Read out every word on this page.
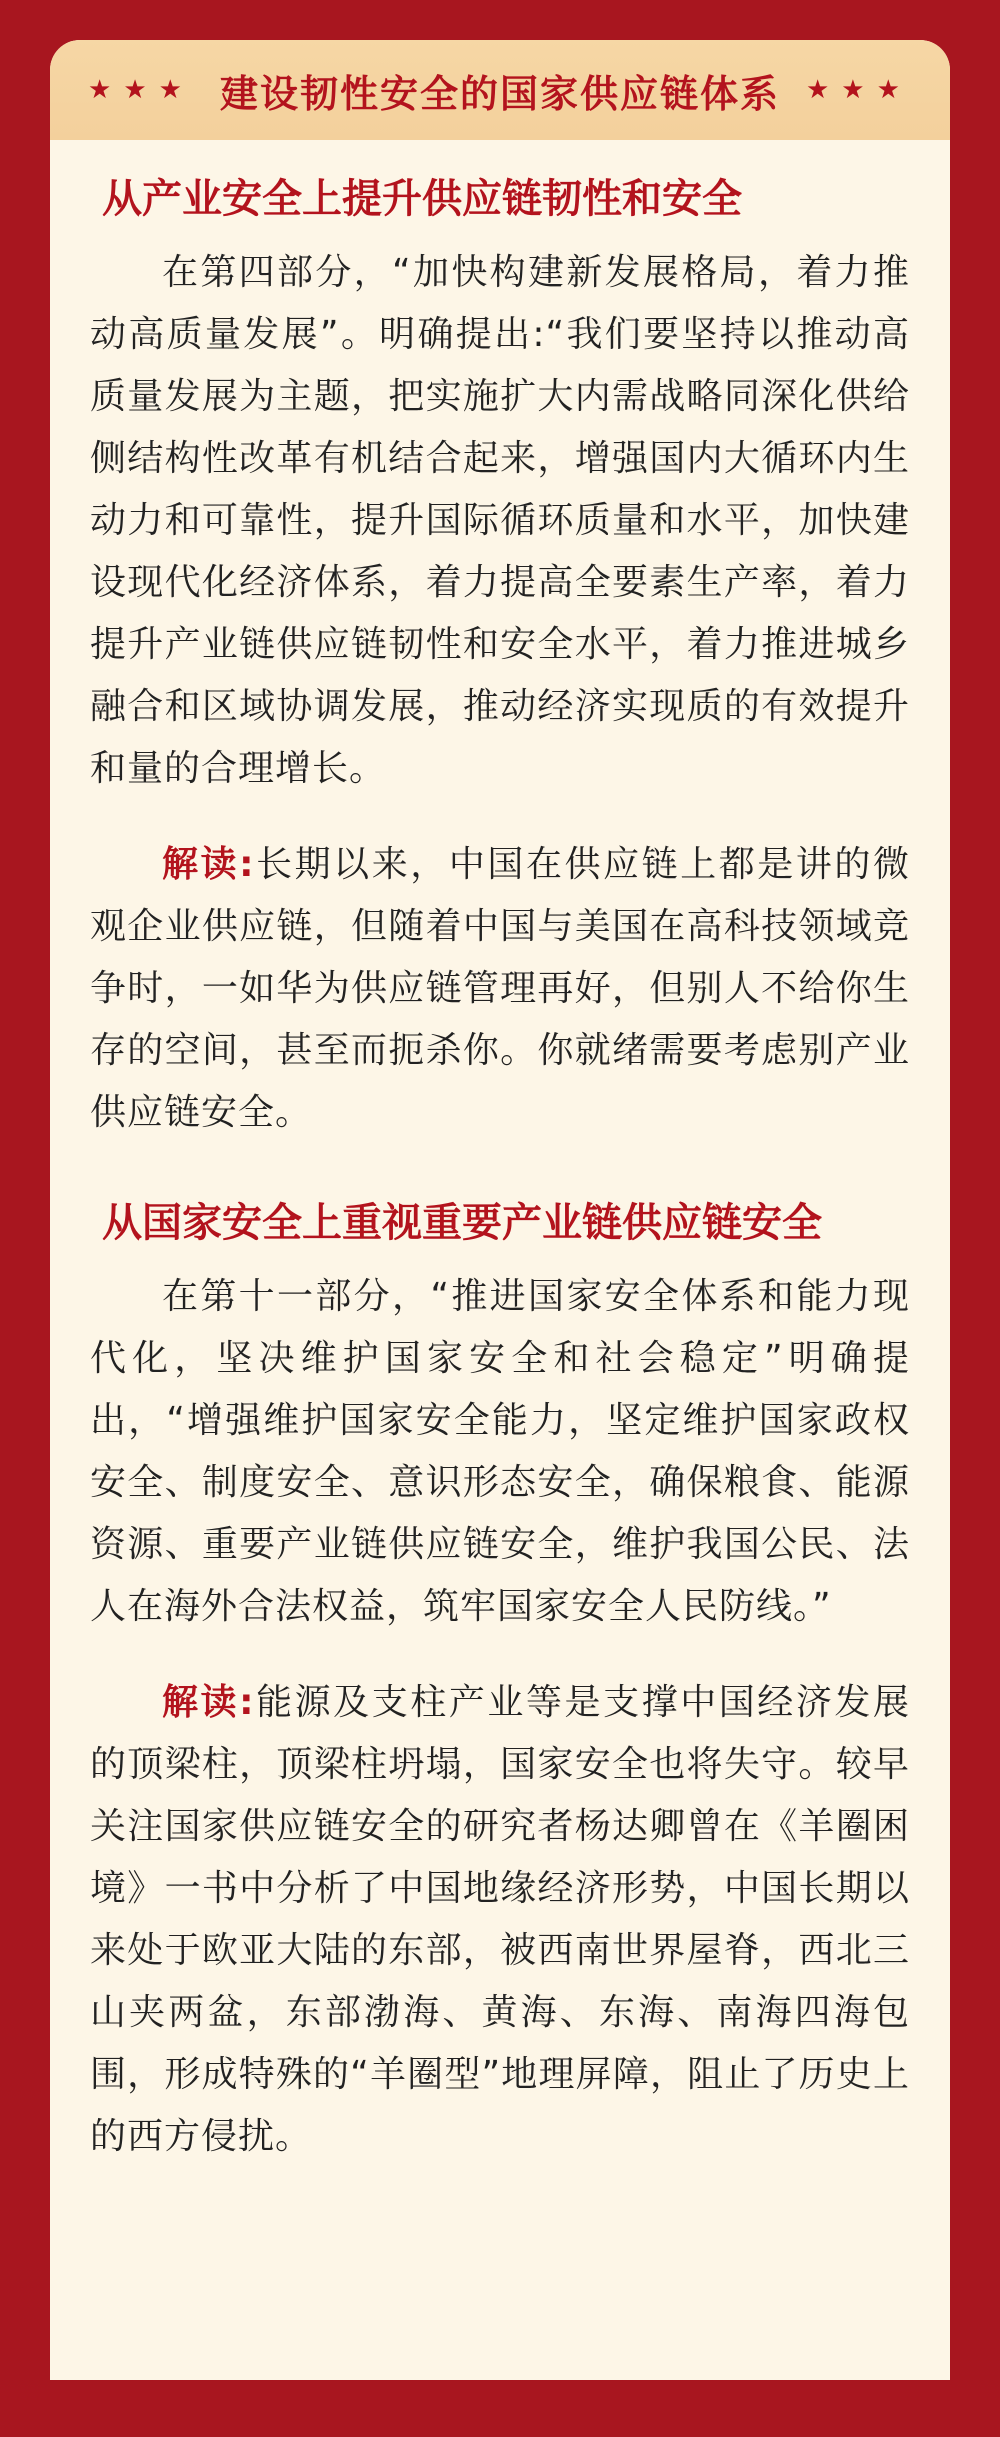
★★★ 建设韧性安全的国家供应链体系 ★★★
从产业安全上提升供应链韧性和安全

在第四部分，“加快构建新发展格局，着力推动高质量发展”。明确提出:“我们要坚持以推动高质量发展为主题，把实施扩大内需战略同深化供给侧结构性改革有机结合起来，增强国内大循环内生动力和可靠性，提升国际循环质量和水平，加快建设现代化经济体系，着力提高全要素生产率，着力提升产业链供应链韧性和安全水平，着力推进城乡融合和区域协调发展，推动经济实现质的有效提升和量的合理增长。

解读:长期以来，中国在供应链上都是讲的微观企业供应链，但随着中国与美国在高科技领域竞争时，一如华为供应链管理再好，但别人不给你生存的空间，甚至而扼杀你。你就绪需要考虑别产业供应链安全。

从国家安全上重视重要产业链供应链安全

在第十一部分，“推进国家安全体系和能力现代化，坚决维护国家安全和社会稳定”明确提出，“增强维护国家安全能力，坚定维护国家政权安全、制度安全、意识形态安全，确保粮食、能源资源、重要产业链供应链安全，维护我国公民、法人在海外合法权益，筑牢国家安全人民防线。”

解读:能源及支柱产业等是支撑中国经济发展的顶梁柱，顶梁柱坍塌，国家安全也将失守。较早关注国家供应链安全的研究者杨达卿曾在《羊圈困境》一书中分析了中国地缘经济形势，中国长期以来处于欧亚大陆的东部，被西南世界屋脊，西北三山夹两盆，东部渤海、黄海、东海、南海四海包围，形成特殊的“羊圈型”地理屏障，阻止了历史上的西方侵扰。
